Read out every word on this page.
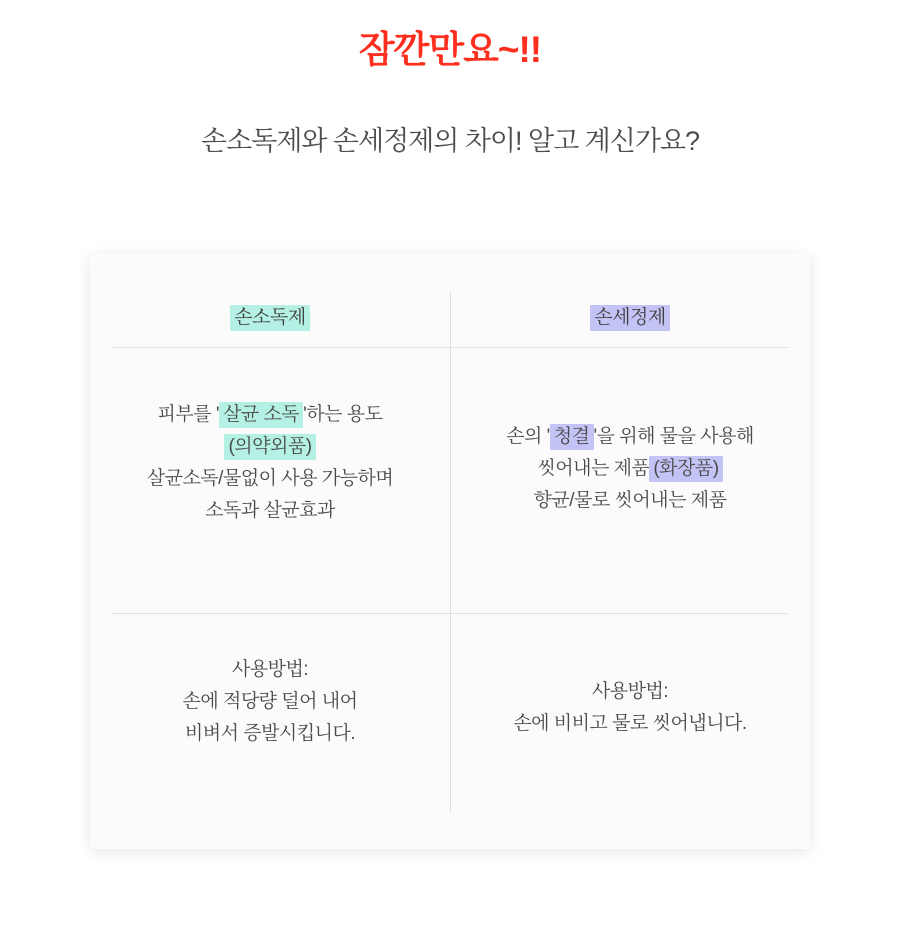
잠깐만요~!!
손소독제와 손세정제의 차이! 알고 계신가요?
손소독제
피부를 ' 살균 소독 '하는 용도
(의약외품)
살균소독/물없이 사용 가능하며
소독과 살균효과
사용방법:
손에 적당량 덜어 내어
비벼서 증발시킵니다.
손세정제
손의 ' 청결 '을 위해 물을 사용해
씻어내는 제품 (화장품)
향균/물로 씻어내는 제품
사용방법:
손에 비비고 물로 씻어냅니다.
